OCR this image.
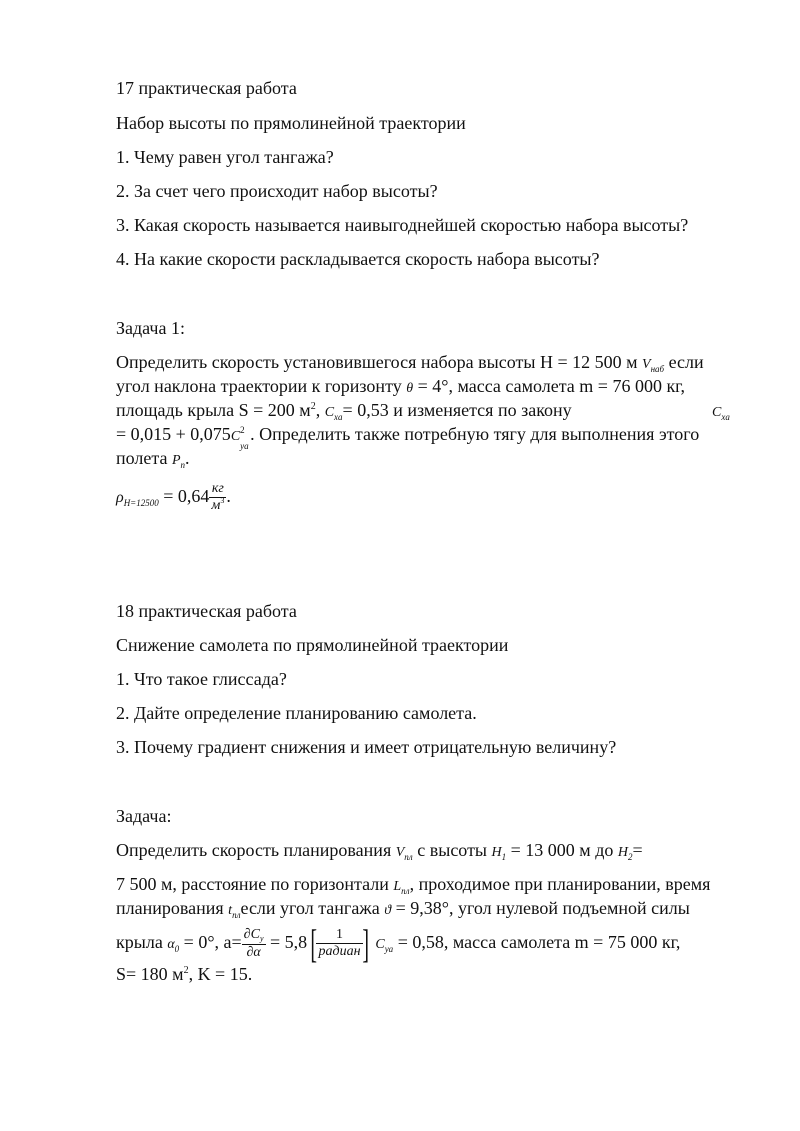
17 практическая работа
Набор высоты по прямолинейной траектории
1. Чему равен угол тангажа?
2. За счет чего происходит набор высоты?
3. Какая скорость называется наивыгоднейшей скоростью набора высоты?
4. На какие скорости раскладывается скорость набора высоты?
Задача 1:
Определить скорость установившегося набора высоты H = 12 500 м $V_{наб}$ если
угол наклона траектории к горизонту θ = 4°, масса самолета m = 76 000 кг,
площадь крыла S = 200 $м^2$, $C_{xa}= 0,53$ и изменяется по закону	$C_{xa}$
= 0,015 + 0,075C 2
ya
. Определить также потребную тягу для выполнения этого
полета $P_п$.
$\rho_{H=12500} = 0,64 \frac{кг}{м^3}$ .
18 практическая работа
Снижение самолета по прямолинейной траектории
1. Что такое глиссада?
2. Дайте определение планированию самолета.
3. Почему градиент снижения и имеет отрицательную величину?
Задача:
Определить скорость планирования $V_{пл}$ с высоты $H_1 = 13$ 000 м до $H_2=$
7 500 м, расстояние по горизонтали $L_{пл}$, проходимое при планировании, время
планирования $t_{пл}если$ угол тангажа ϑ = 9,38°, угол нулевой подъемной силы
крыла $\alpha_0 = 0^\circ$, $a= \frac{\partial C_y}{\partial\alpha} = 5,8[ \frac{1}{\text{радиан}}$ ] $C_{ya} = 0,58$, масса самолета m = 75 000 кг,
S= 180 $м^2$, K = 15.
